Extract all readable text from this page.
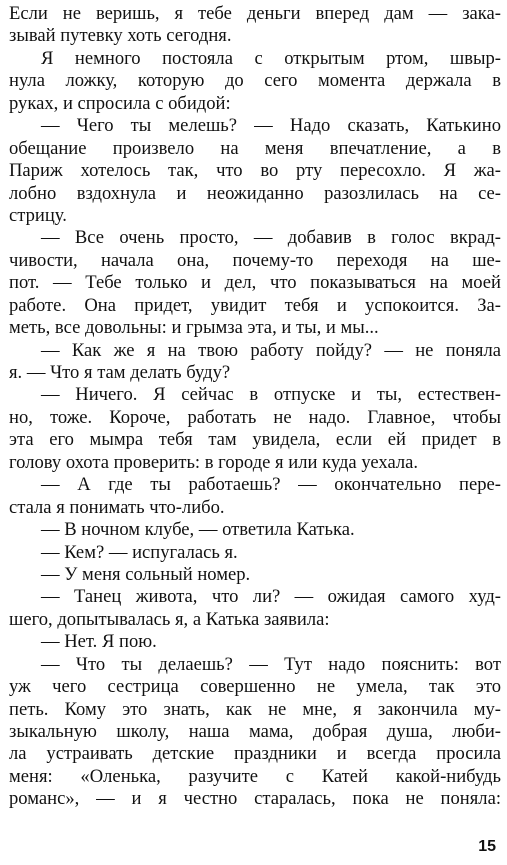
Если не веришь, я тебе деньги вперед дам — зака-
зывай путевку хоть сегодня.
Я немного постояла с открытым ртом, швыр-
нула ложку, которую до сего момента держала в
руках, и спросила с обидой:
— Чего ты мелешь? — Надо сказать, Катькино
обещание произвело на меня впечатление, а в
Париж хотелось так, что во рту пересохло. Я жа-
лобно вздохнула и неожиданно разозлилась на се-
стрицу.
— Все очень просто, — добавив в голос вкрад-
чивости, начала она, почему-то переходя на ше-
пот. — Тебе только и дел, что показываться на моей
работе. Она придет, увидит тебя и успокоится. За-
меть, все довольны: и грымза эта, и ты, и мы...
— Как же я на твою работу пойду? — не поняла
я. — Что я там делать буду?
— Ничего. Я сейчас в отпуске и ты, естествен-
но, тоже. Короче, работать не надо. Главное, чтобы
эта его мымра тебя там увидела, если ей придет в
голову охота проверить: в городе я или куда уехала.
— А где ты работаешь? — окончательно пере-
стала я понимать что-либо.
— В ночном клубе, — ответила Катька.
— Кем? — испугалась я.
— У меня сольный номер.
— Танец живота, что ли? — ожидая самого худ-
шего, допытывалась я, а Катька заявила:
— Нет. Я пою.
— Что ты делаешь? — Тут надо пояснить: вот
уж чего сестрица совершенно не умела, так это
петь. Кому это знать, как не мне, я закончила му-
зыкальную школу, наша мама, добрая душа, люби-
ла устраивать детские праздники и всегда просила
меня: «Оленька, разучите с Катей какой-нибудь
романс», — и я честно старалась, пока не поняла:
15
